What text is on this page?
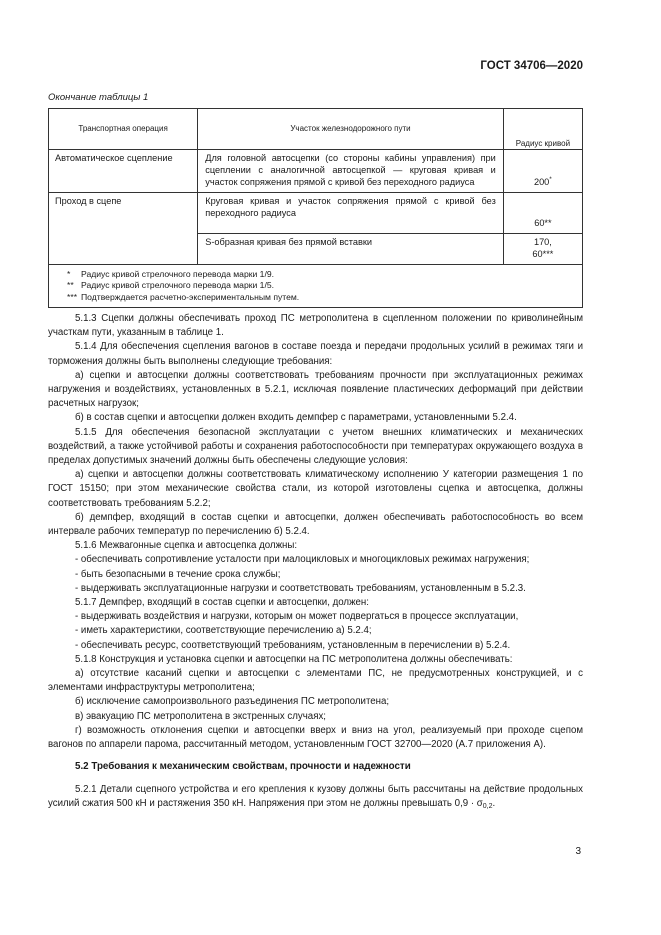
ГОСТ 34706—2020
Окончание таблицы 1
Транспортная операция	Участок железнодорожного пути	Радиус кривой
Автоматическое сцепление	Для головной автосцепки (со стороны кабины управления) при сцеплении с аналогичной автосцепкой — круговая кривая и участок сопряжения прямой с кривой без переходного радиуса	200*
Проход в сцепе	Круговая кривая и участок сопряжения прямой с кривой без переходного радиуса	60**
	S-образная кривая без прямой вставки	170,
60***

* Радиус кривой стрелочного перевода марки 1/9.
** Радиус кривой стрелочного перевода марки 1/5.
*** Подтверждается расчетно-экспериментальным путем.		

5.1.3 Сцепки должны обеспечивать проход ПС метрополитена в сцепленном положении по криволинейным участкам пути, указанным в таблице 1.

5.1.4 Для обеспечения сцепления вагонов в составе поезда и передачи продольных усилий в режимах тяги и торможения должны быть выполнены следующие требования:

а) сцепки и автосцепки должны соответствовать требованиям прочности при эксплуатационных режимах нагружения и воздействиях, установленных в 5.2.1, исключая появление пластических деформаций при действии расчетных нагрузок;

б) в состав сцепки и автосцепки должен входить демпфер с параметрами, установленными 5.2.4.

5.1.5 Для обеспечения безопасной эксплуатации с учетом внешних климатических и механических воздействий, а также устойчивой работы и сохранения работоспособности при температурах окружающего воздуха в пределах допустимых значений должны быть обеспечены следующие условия:

а) сцепки и автосцепки должны соответствовать климатическому исполнению У категории размещения 1 по ГОСТ 15150; при этом механические свойства стали, из которой изготовлены сцепка и автосцепка, должны соответствовать требованиям 5.2.2;

б) демпфер, входящий в состав сцепки и автосцепки, должен обеспечивать работоспособность во всем интервале рабочих температур по перечислению б) 5.2.4.

5.1.6 Межвагонные сцепка и автосцепка должны:

- обеспечивать сопротивление усталости при малоцикловых и многоцикловых режимах нагружения;

- быть безопасными в течение срока службы;

- выдерживать эксплуатационные нагрузки и соответствовать требованиям, установленным в 5.2.3.

5.1.7 Демпфер, входящий в состав сцепки и автосцепки, должен:

- выдерживать воздействия и нагрузки, которым он может подвергаться в процессе эксплуатации,

- иметь характеристики, соответствующие перечислению а) 5.2.4;

- обеспечивать ресурс, соответствующий требованиям, установленным в перечислении в) 5.2.4.

5.1.8 Конструкция и установка сцепки и автосцепки на ПС метрополитена должны обеспечивать:

а) отсутствие касаний сцепки и автосцепки с элементами ПС, не предусмотренных конструкцией, и с элементами инфраструктуры метрополитена;

б) исключение самопроизвольного разъединения ПС метрополитена;

в) эвакуацию ПС метрополитена в экстренных случаях;

г) возможность отклонения сцепки и автосцепки вверх и вниз на угол, реализуемый при проходе сцепом вагонов по аппарели парома, рассчитанный методом, установленным ГОСТ 32700—2020 (А.7 приложения А).

5.2 Требования к механическим свойствам, прочности и надежности

5.2.1 Детали сцепного устройства и его крепления к кузову должны быть рассчитаны на действие продольных усилий сжатия 500 кН и растяжения 350 кН. Напряжения при этом не должны превышать $0,9 \cdot \sigma_{0,2}$.

3
